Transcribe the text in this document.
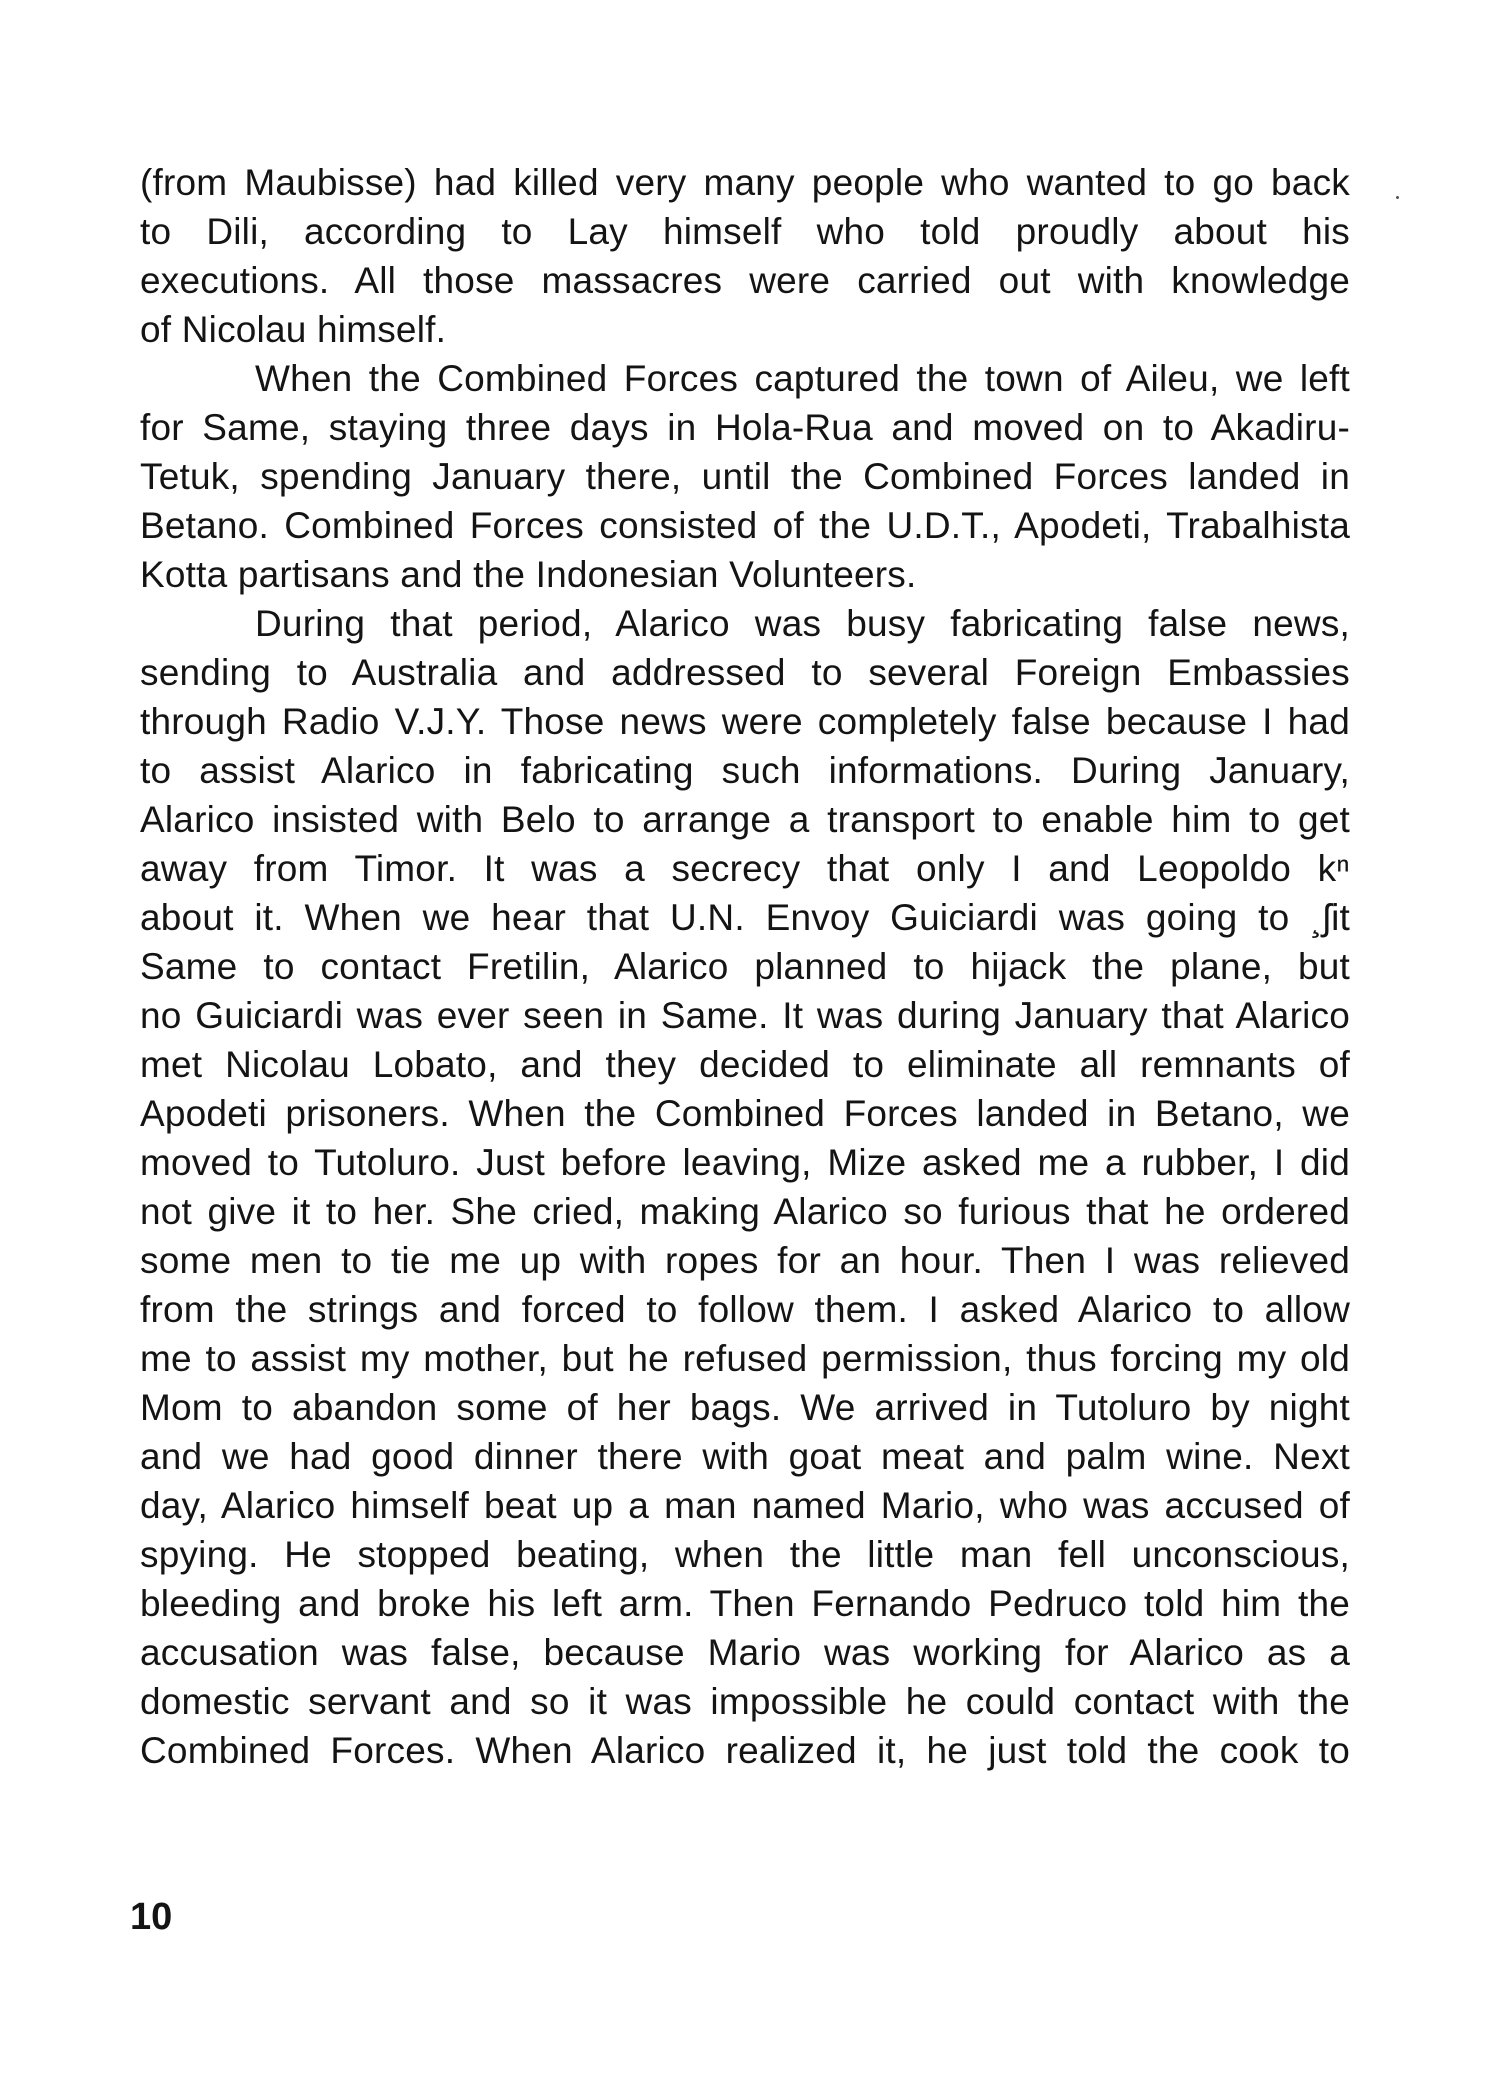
(from Maubisse) had killed very many people who wanted to go back
to Dili, according to Lay himself who told proudly about his
executions. All those massacres were carried out with knowledge
of Nicolau himself.
When the Combined Forces captured the town of Aileu, we left
for Same, staying three days in Hola-Rua and moved on to Akadiru-
Tetuk, spending January there, until the Combined Forces landed in
Betano. Combined Forces consisted of the U.D.T., Apodeti, Trabalhista
Kotta partisans and the Indonesian Volunteers.
During that period, Alarico was busy fabricating false news,
sending to Australia and addressed to several Foreign Embassies
through Radio V.J.Y. Those news were completely false because I had
to assist Alarico in fabricating such informations. During January,
Alarico insisted with Belo to arrange a transport to enable him to get
away from Timor. It was a secrecy that only I and Leopoldo kⁿ
about it. When we hear that U.N. Envoy Guiciardi was going to ¸ʃit
Same to contact Fretilin, Alarico planned to hijack the plane, but
no Guiciardi was ever seen in Same. It was during January that Alarico
met Nicolau Lobato, and they decided to eliminate all remnants of
Apodeti prisoners. When the Combined Forces landed in Betano, we
moved to Tutoluro. Just before leaving, Mize asked me a rubber, I did
not give it to her. She cried, making Alarico so furious that he ordered
some men to tie me up with ropes for an hour. Then I was relieved
from the strings and forced to follow them. I asked Alarico to allow
me to assist my mother, but he refused permission, thus forcing my old
Mom to abandon some of her bags. We arrived in Tutoluro by night
and we had good dinner there with goat meat and palm wine. Next
day, Alarico himself beat up a man named Mario, who was accused of
spying. He stopped beating, when the little man fell unconscious,
bleeding and broke his left arm. Then Fernando Pedruco told him the
accusation was false, because Mario was working for Alarico as a
domestic servant and so it was impossible he could contact with the
Combined Forces. When Alarico realized it, he just told the cook to
10
